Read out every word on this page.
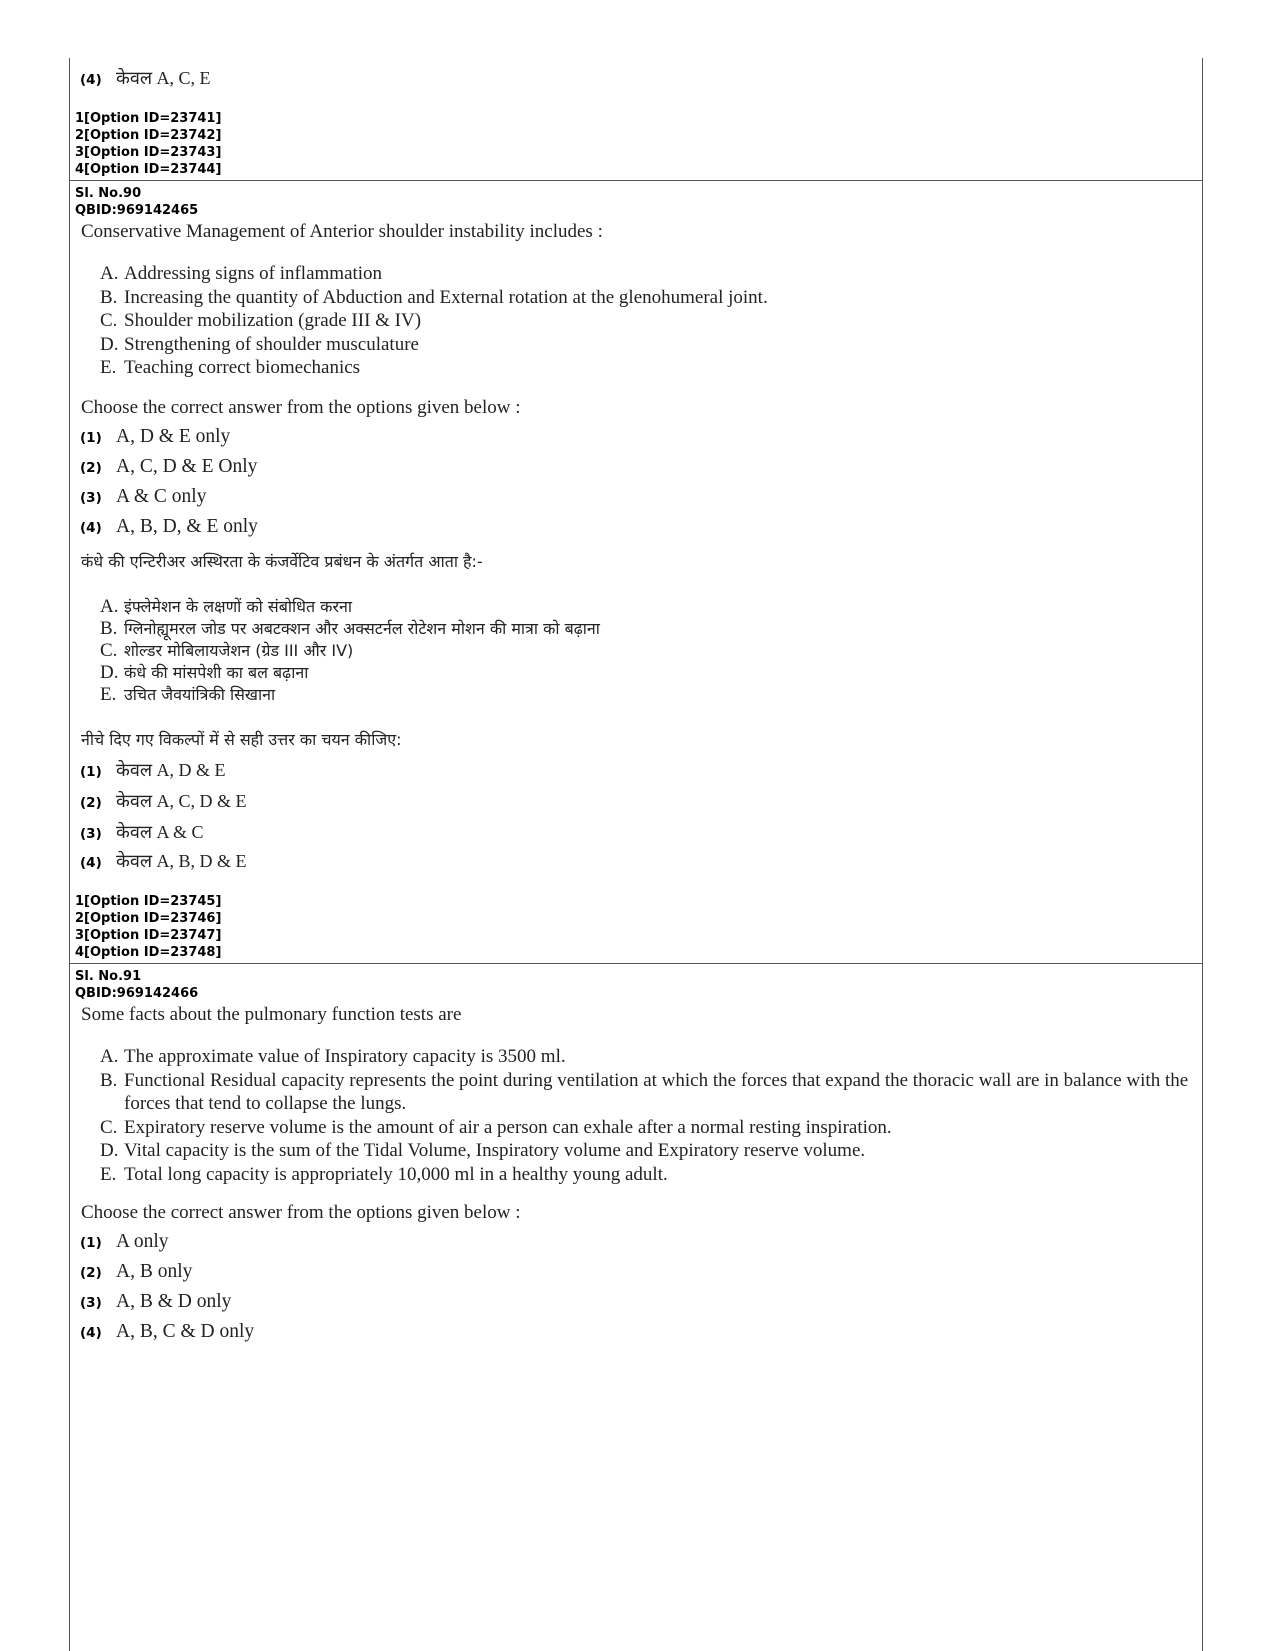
(4) केवल A, C, E
1[Option ID=23741]
2[Option ID=23742]
3[Option ID=23743]
4[Option ID=23744]
Sl. No.90
QBID:969142465

Conservative Management of Anterior shoulder instability includes :

A. Addressing signs of inflammation
B. Increasing the quantity of Abduction and External rotation at the glenohumeral joint.
C. Shoulder mobilization (grade III & IV)
D. Strengthening of shoulder musculature
E. Teaching correct biomechanics

Choose the correct answer from the options given below :

(1) A, D & E only
(2) A, C, D & E Only
(3) A & C only
(4) A, B, D, & E only

कंधे की एन्टिरीअर अस्थिरता के कंजर्वेटिव प्रबंधन के अंतर्गत आता है:-

A. इंफ्लेमेशन के लक्षणों को संबोधित करना
B. ग्लिनोह्यूमरल जोड पर अबटक्शन और अक्सटर्नल रोटेशन मोशन की मात्रा को बढ़ाना
C. शोल्डर मोबिलायजेशन (ग्रेड III और IV)
D. कंधे की मांसपेशी का बल बढ़ाना
E. उचित जैवयांत्रिकी सिखाना

नीचे दिए गए विकल्पों में से सही उत्तर का चयन कीजिए:

(1) केवल A, D & E
(2) केवल A, C, D & E
(3) केवल A & C
(4) केवल A, B, D & E
1[Option ID=23745]
2[Option ID=23746]
3[Option ID=23747]
4[Option ID=23748]
Sl. No.91
QBID:969142466

Some facts about the pulmonary function tests are

A. The approximate value of Inspiratory capacity is 3500 ml.
B. Functional Residual capacity represents the point during ventilation at which the forces that expand the thoracic wall are in balance with the forces that tend to collapse the lungs.
C. Expiratory reserve volume is the amount of air a person can exhale after a normal resting inspiration.
D. Vital capacity is the sum of the Tidal Volume, Inspiratory volume and Expiratory reserve volume.
E. Total long capacity is appropriately 10,000 ml in a healthy young adult.

Choose the correct answer from the options given below :

(1) A only
(2) A, B only
(3) A, B & D only
(4) A, B, C & D only
